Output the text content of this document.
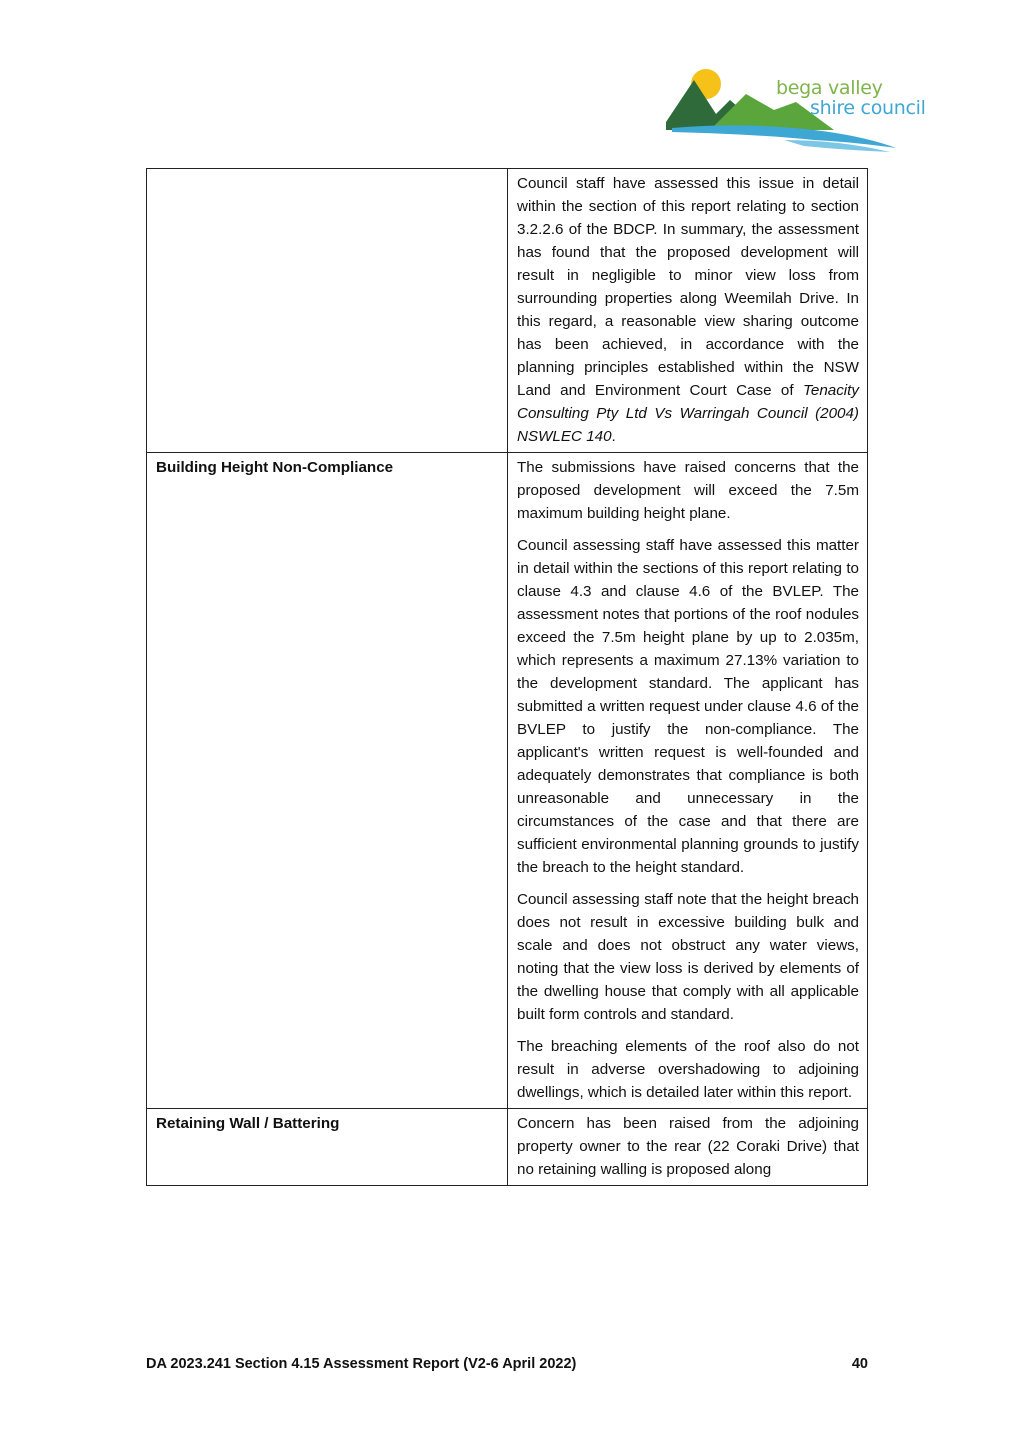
bega valley
shire council

	Council staff have assessed this issue in detail within the section of this report relating to section 3.2.2.6 of the BDCP. In summary, the assessment has found that the proposed development will result in negligible to minor view loss from surrounding properties along Weemilah Drive. In this regard, a reasonable view sharing outcome has been achieved, in accordance with the planning principles established within the NSW Land and Environment Court Case of Tenacity Consulting Pty Ltd Vs Warringah Council (2004) NSWLEC 140.

Building Height Non-Compliance	The submissions have raised concerns that the proposed development will exceed the 7.5m maximum building height plane.

Council assessing staff have assessed this matter in detail within the sections of this report relating to clause 4.3 and clause 4.6 of the BVLEP. The assessment notes that portions of the roof nodules exceed the 7.5m height plane by up to 2.035m, which represents a maximum 27.13% variation to the development standard. The applicant has submitted a written request under clause 4.6 of the BVLEP to justify the non-compliance. The applicant's written request is well-founded and adequately demonstrates that compliance is both unreasonable and unnecessary in the circumstances of the case and that there are sufficient environmental planning grounds to justify the breach to the height standard.

Council assessing staff note that the height breach does not result in excessive building bulk and scale and does not obstruct any water views, noting that the view loss is derived by elements of the dwelling house that comply with all applicable built form controls and standard.

The breaching elements of the roof also do not result in adverse overshadowing to adjoining dwellings, which is detailed later within this report.

Retaining Wall / Battering	Concern has been raised from the adjoining property owner to the rear (22 Coraki Drive) that no retaining walling is proposed along

DA 2023.241 Section 4.15 Assessment Report (V2-6 April 2022)	40
